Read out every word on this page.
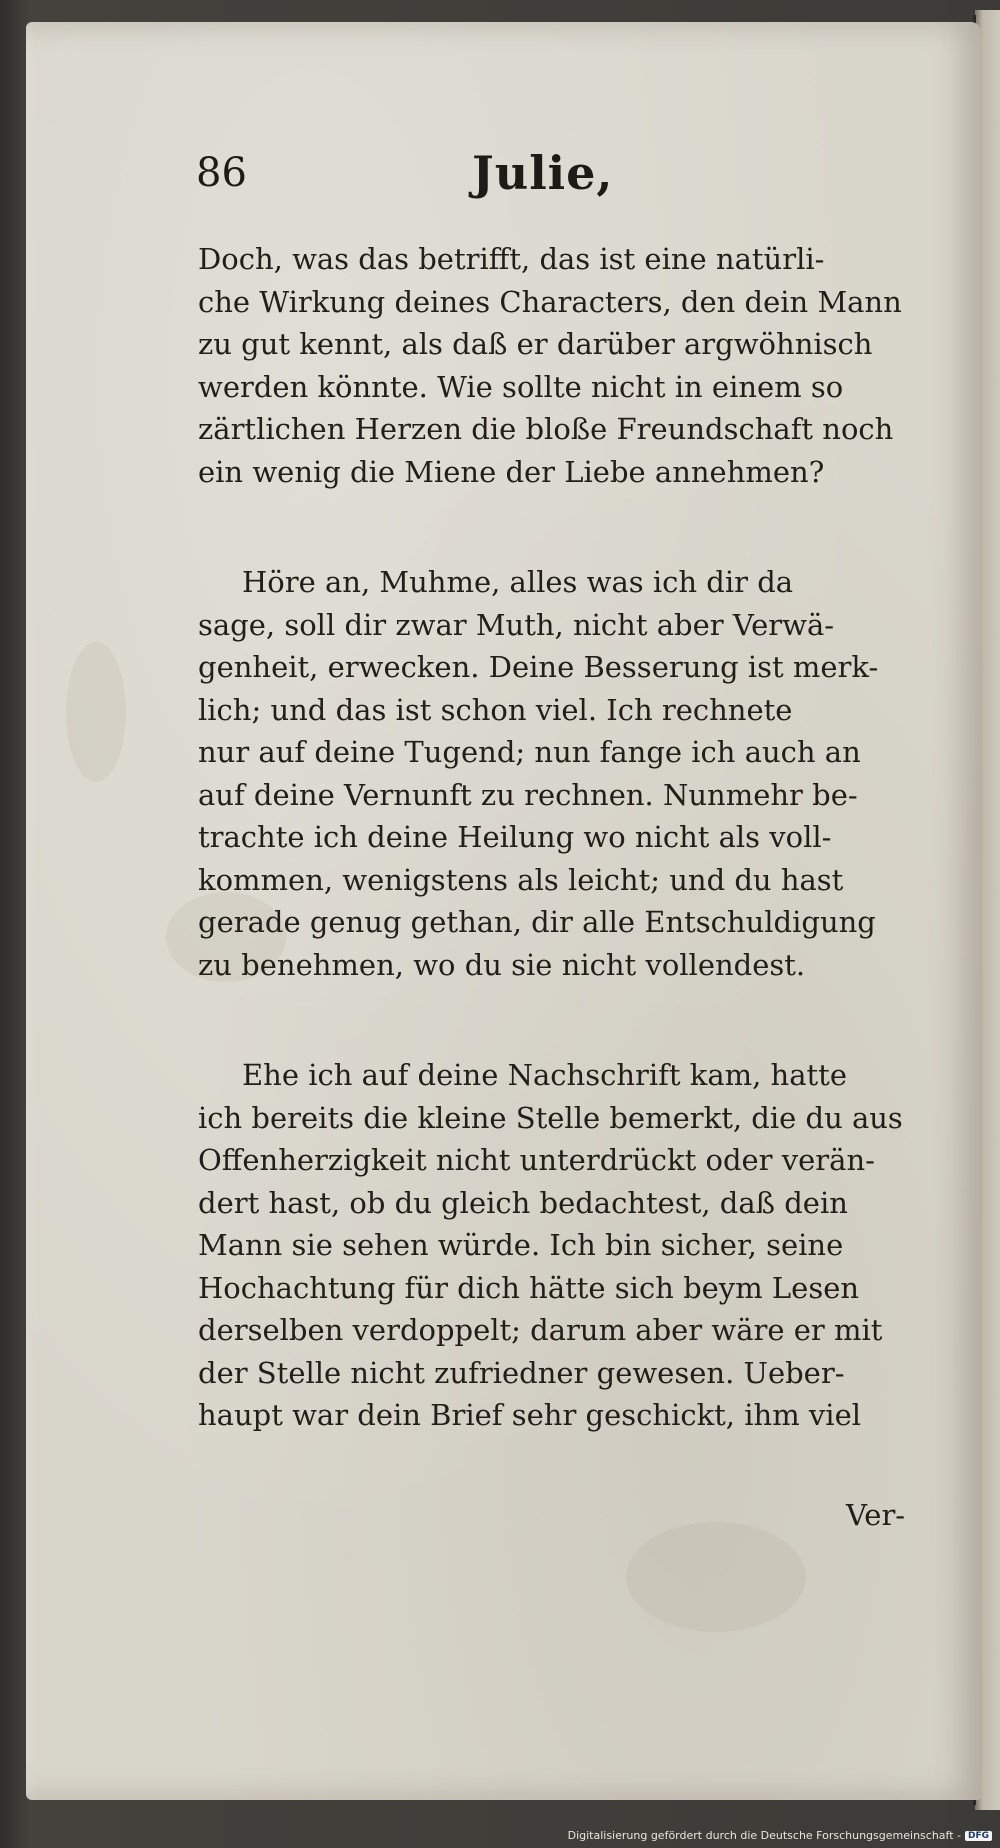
86	Julie,
Doch, was das betrifft, das ist eine natürli-
che Wirkung deines Characters, den dein Mann
zu gut kennt, als daß er darüber argwöhnisch
werden könnte. Wie sollte nicht in einem so
zärtlichen Herzen die bloße Freundschaft noch
ein wenig die Miene der Liebe annehmen?
Höre an, Muhme, alles was ich dir da
sage, soll dir zwar Muth, nicht aber Verwä-
genheit, erwecken. Deine Besserung ist merk-
lich; und das ist schon viel. Ich rechnete
nur auf deine Tugend; nun fange ich auch an
auf deine Vernunft zu rechnen. Nunmehr be-
trachte ich deine Heilung wo nicht als voll-
kommen, wenigstens als leicht; und du hast
gerade genug gethan, dir alle Entschuldigung
zu benehmen, wo du sie nicht vollendest.
Ehe ich auf deine Nachschrift kam, hatte
ich bereits die kleine Stelle bemerkt, die du aus
Offenherzigkeit nicht unterdrückt oder verän-
dert hast, ob du gleich bedachtest, daß dein
Mann sie sehen würde. Ich bin sicher, seine
Hochachtung für dich hätte sich beym Lesen
derselben verdoppelt; darum aber wäre er mit
der Stelle nicht zufriedner gewesen. Ueber-
haupt war dein Brief sehr geschickt, ihm viel
Ver-
Digitalisierung gefördert durch die Deutsche Forschungsgemeinschaft - DFG
